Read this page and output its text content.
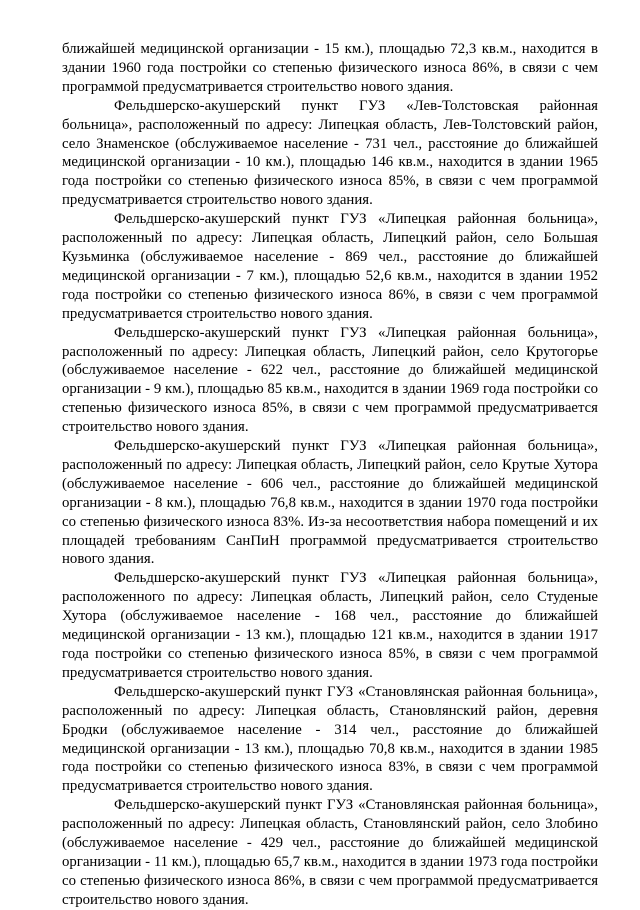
ближайшей медицинской организации - 15 км.), площадью 72,3 кв.м., находится в здании 1960 года постройки со степенью физического износа 86%, в связи с чем программой предусматривается строительство нового здания.

Фельдшерско-акушерский пункт ГУЗ «Лев-Толстовская районная больница», расположенный по адресу: Липецкая область, Лев-Толстовский район, село Знаменское (обслуживаемое население - 731 чел., расстояние до ближайшей медицинской организации - 10 км.), площадью 146 кв.м., находится в здании 1965 года постройки со степенью физического износа 85%, в связи с чем программой предусматривается строительство нового здания.

Фельдшерско-акушерский пункт ГУЗ «Липецкая районная больница», расположенный по адресу: Липецкая область, Липецкий район, село Большая Кузьминка (обслуживаемое население - 869 чел., расстояние до ближайшей медицинской организации - 7 км.), площадью 52,6 кв.м., находится в здании 1952 года постройки со степенью физического износа 86%, в связи с чем программой предусматривается строительство нового здания.

Фельдшерско-акушерский пункт ГУЗ «Липецкая районная больница», расположенный по адресу: Липецкая область, Липецкий район, село Крутогорье (обслуживаемое население - 622 чел., расстояние до ближайшей медицинской организации - 9 км.), площадью 85 кв.м., находится в здании 1969 года постройки со степенью физического износа 85%, в связи с чем программой предусматривается строительство нового здания.

Фельдшерско-акушерский пункт ГУЗ «Липецкая районная больница», расположенный по адресу: Липецкая область, Липецкий район, село Крутые Хутора (обслуживаемое население - 606 чел., расстояние до ближайшей медицинской организации - 8 км.), площадью 76,8 кв.м., находится в здании 1970 года постройки со степенью физического износа 83%. Из-за несоответствия набора помещений и их площадей требованиям СанПиН программой предусматривается строительство нового здания.

Фельдшерско-акушерский пункт ГУЗ «Липецкая районная больница», расположенного по адресу: Липецкая область, Липецкий район, село Студеные Хутора (обслуживаемое население - 168 чел., расстояние до ближайшей медицинской организации - 13 км.), площадью 121 кв.м., находится в здании 1917 года постройки со степенью физического износа 85%, в связи с чем программой предусматривается строительство нового здания.

Фельдшерско-акушерский пункт ГУЗ «Становлянская районная больница», расположенный по адресу: Липецкая область, Становлянский район, деревня Бродки (обслуживаемое население - 314 чел., расстояние до ближайшей медицинской организации - 13 км.), площадью 70,8 кв.м., находится в здании 1985 года постройки со степенью физического износа 83%, в связи с чем программой предусматривается строительство нового здания.

Фельдшерско-акушерский пункт ГУЗ «Становлянская районная больница», расположенный по адресу: Липецкая область, Становлянский район, село Злобино (обслуживаемое население - 429 чел., расстояние до ближайшей медицинской организации - 11 км.), площадью 65,7 кв.м., находится в здании 1973 года постройки со степенью физического износа 86%, в связи с чем программой предусматривается строительство нового здания.
